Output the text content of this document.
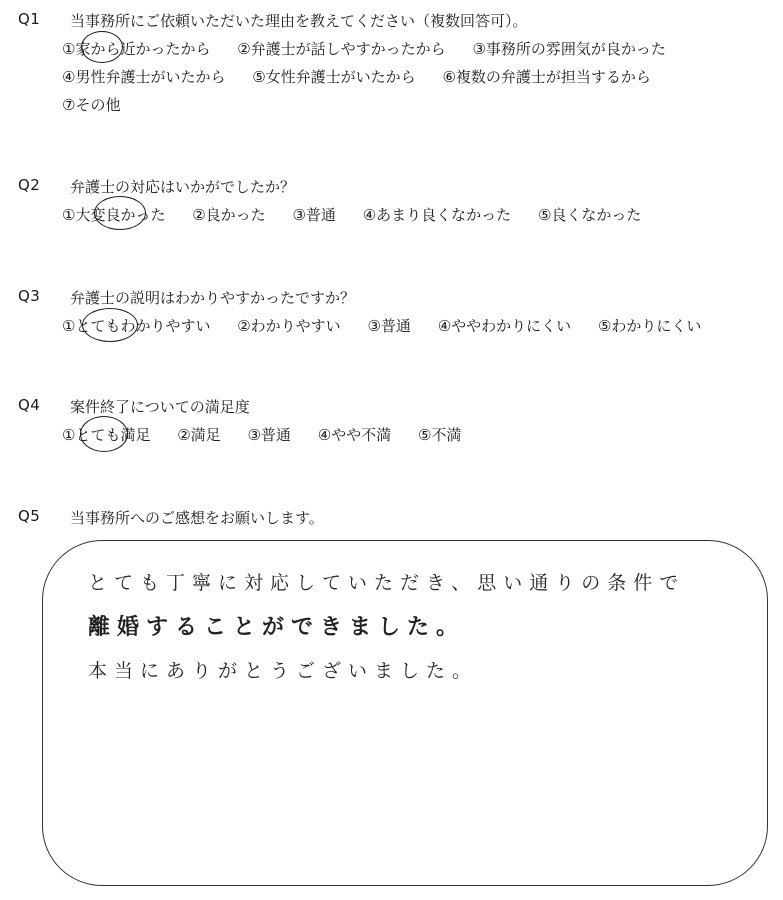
Q1 当事務所にご依頼いただいた理由を教えてください（複数回答可）。
①家から近かったから ②弁護士が話しやすかったから ③事務所の雰囲気が良かった
④男性弁護士がいたから ⑤女性弁護士がいたから ⑥複数の弁護士が担当するから
⑦その他
Q2 弁護士の対応はいかがでしたか？
①大変良かった ②良かった ③普通 ④あまり良くなかった ⑤良くなかった
Q3 弁護士の説明はわかりやすかったですか？
①とてもわかりやすい ②わかりやすい ③普通 ④ややわかりにくい ⑤わかりにくい
Q4 案件終了についての満足度
①とても満足 ②満足 ③普通 ④やや不満 ⑤不満
Q5 当事務所へのご感想をお願いします。
とても丁寧に対応していただき、思い通りの条件で
離婚することができました。
本当にありがとうございました。
